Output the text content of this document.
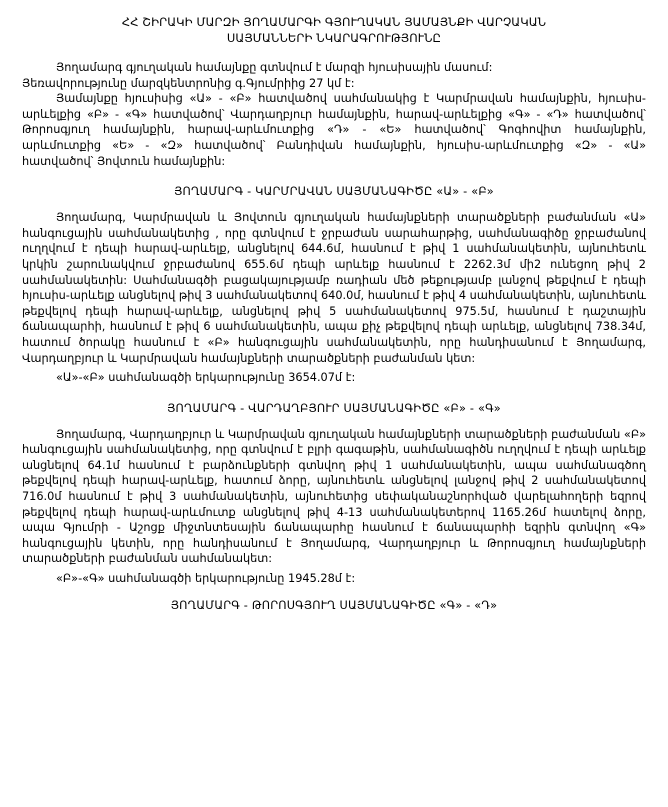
ՀՀ ՇԻՐԱԿԻ ՄԱՐԶԻ ՅՈՂԱՄԱՐԳԻ ԳՅՈՒՂԱԿԱՆ ՅԱՄԱՅՆՔԻ ՎԱՐՉԱԿԱՆ
ՍԱՅՄԱՆՆԵՐԻ ՆԿԱՐԱԳՐՈՒԹՅՈՒՆԸ

Յողամարգ գյուղական համայնքը գտնվում է մարզի հյուսիսային մասում:

Յեռավորությունը մարզկենտրոնից գ.Գյումրիից 27 կմ է:

Յամայնքը հյուսիսից «Ա» - «Բ» հատվածով սահմանակից է Կարմրավան համայնքին, հյուսիս-արևելքից «Բ» - «Գ» հատվածով՝ Վարդաղբյուր համայնքին, հարավ-արևելքից «Գ» - «Դ» հատվածով՝ Թորոսգյուղ համայնքին, հարավ-արևմուտքից «Դ» - «Ե» հատվածով՝ Գոգհովիտ համայնքին, արևմուտքից «Ե» - «Զ» հատվածով՝ Բանդիվան համայնքին, հյուսիս-արևմուտքից «Զ» - «Ա» հատվածով՝ Յովտուն համայնքին:

ՅՈՂԱՄԱՐԳ - ԿԱՐՄՐԱՎԱՆ ՍԱՅՄԱՆԱԳԻԾԸ «Ա» - «Բ»

Յողամարգ, Կարմրավան և Յովտուն գյուղական համայնքների տարածքների բաժանման «Ա» հանգուցային սահմանակետից , որը գտնվում է ջրբաժան սարահարթից, սահմանագիծը ջրբաժանով ուղղվում է դեպի հարավ-արևելք, անցնելով 644.6մ, հասնում է թիվ 1 սահմանակետին, այնուհետև կրկին շարունակվում ջրբաժանով 655.6մ դեպի արևելք հասնում է 2262.3մ մի2 ունեցող թիվ 2 սահմանակետին: Սահմանագծի բացակայությամբ ռադիան մեծ թեքությամբ լանջով թեքվում է դեպի հյուսիս-արևելք անցնելով թիվ 3 սահմանակետով 640.0մ, հասնում է թիվ 4 սահմանակետին, այնուհետև թեքվելով դեպի հարավ-արևելք, անցնելով թիվ 5 սահմանակետով 975.5մ, հասնում է դաշտային ճանապարհի, հասնում է թիվ 6 սահմանակետին, ապա քիչ թեքվելով դեպի արևելք, անցնելով 738.34մ, հատում ծորակը հասնում է «Բ» հանգուցային սահմանակետին, որը հանդիսանում է Յողամարգ, Վարդաղբյուր և Կարմրավան համայնքների տարածքների բաժանման կետ:

«Ա»-«Բ» սահմանագծի երկարությունը 3654.07մ է:

ՅՈՂԱՄԱՐԳ - ՎԱՐԴԱՂԲՅՈՒՐ ՍԱՅՄԱՆԱԳԻԾԸ «Բ» - «Գ»

Յողամարգ, Վարդաղբյուր և Կարմրավան գյուղական համայնքների տարածքների բաժանման «Բ» հանգուցային սահմանակետից, որը գտնվում է բլրի գագաթին, սահմանագիծն ուղղվում է դեպի արևելք անցնելով 64.1մ հասնում է բարձունքների գտնվող թիվ 1 սահմանակետին, ապա սահմանագծող թեքվելով դեպի հարավ-արևելք, հատում ձորը, այնուհետև անցնելով լանջով թիվ 2 սահմանակետով 716.0մ հասնում է թիվ 3 սահմանակետին, այնուհետից սեփականաշնորհված վարելահողերի եզրով թեքվելով դեպի հարավ-արևմուտք անցնելով թիվ 4-13 սահմանակետերով 1165.26մ հատելով ձորը, ապա Գյումրի - Աշոցք միջտնտեսային ճանապարհը հասնում է ճանապարհի եզրին գտնվող «Գ» հանգուցային կետին, որը հանդիսանում է Յողամարգ, Վարդաղբյուր և Թորոսգյուղ համայնքների տարածքների բաժանման սահմանակետ:

«Բ»-«Գ» սահմանագծի երկարությունը 1945.28մ է:

ՅՈՂԱՄԱՐԳ - ԹՈՐՈՍԳՅՈՒՂ ՍԱՅՄԱՆԱԳԻԾԸ «Գ» - «Դ»
